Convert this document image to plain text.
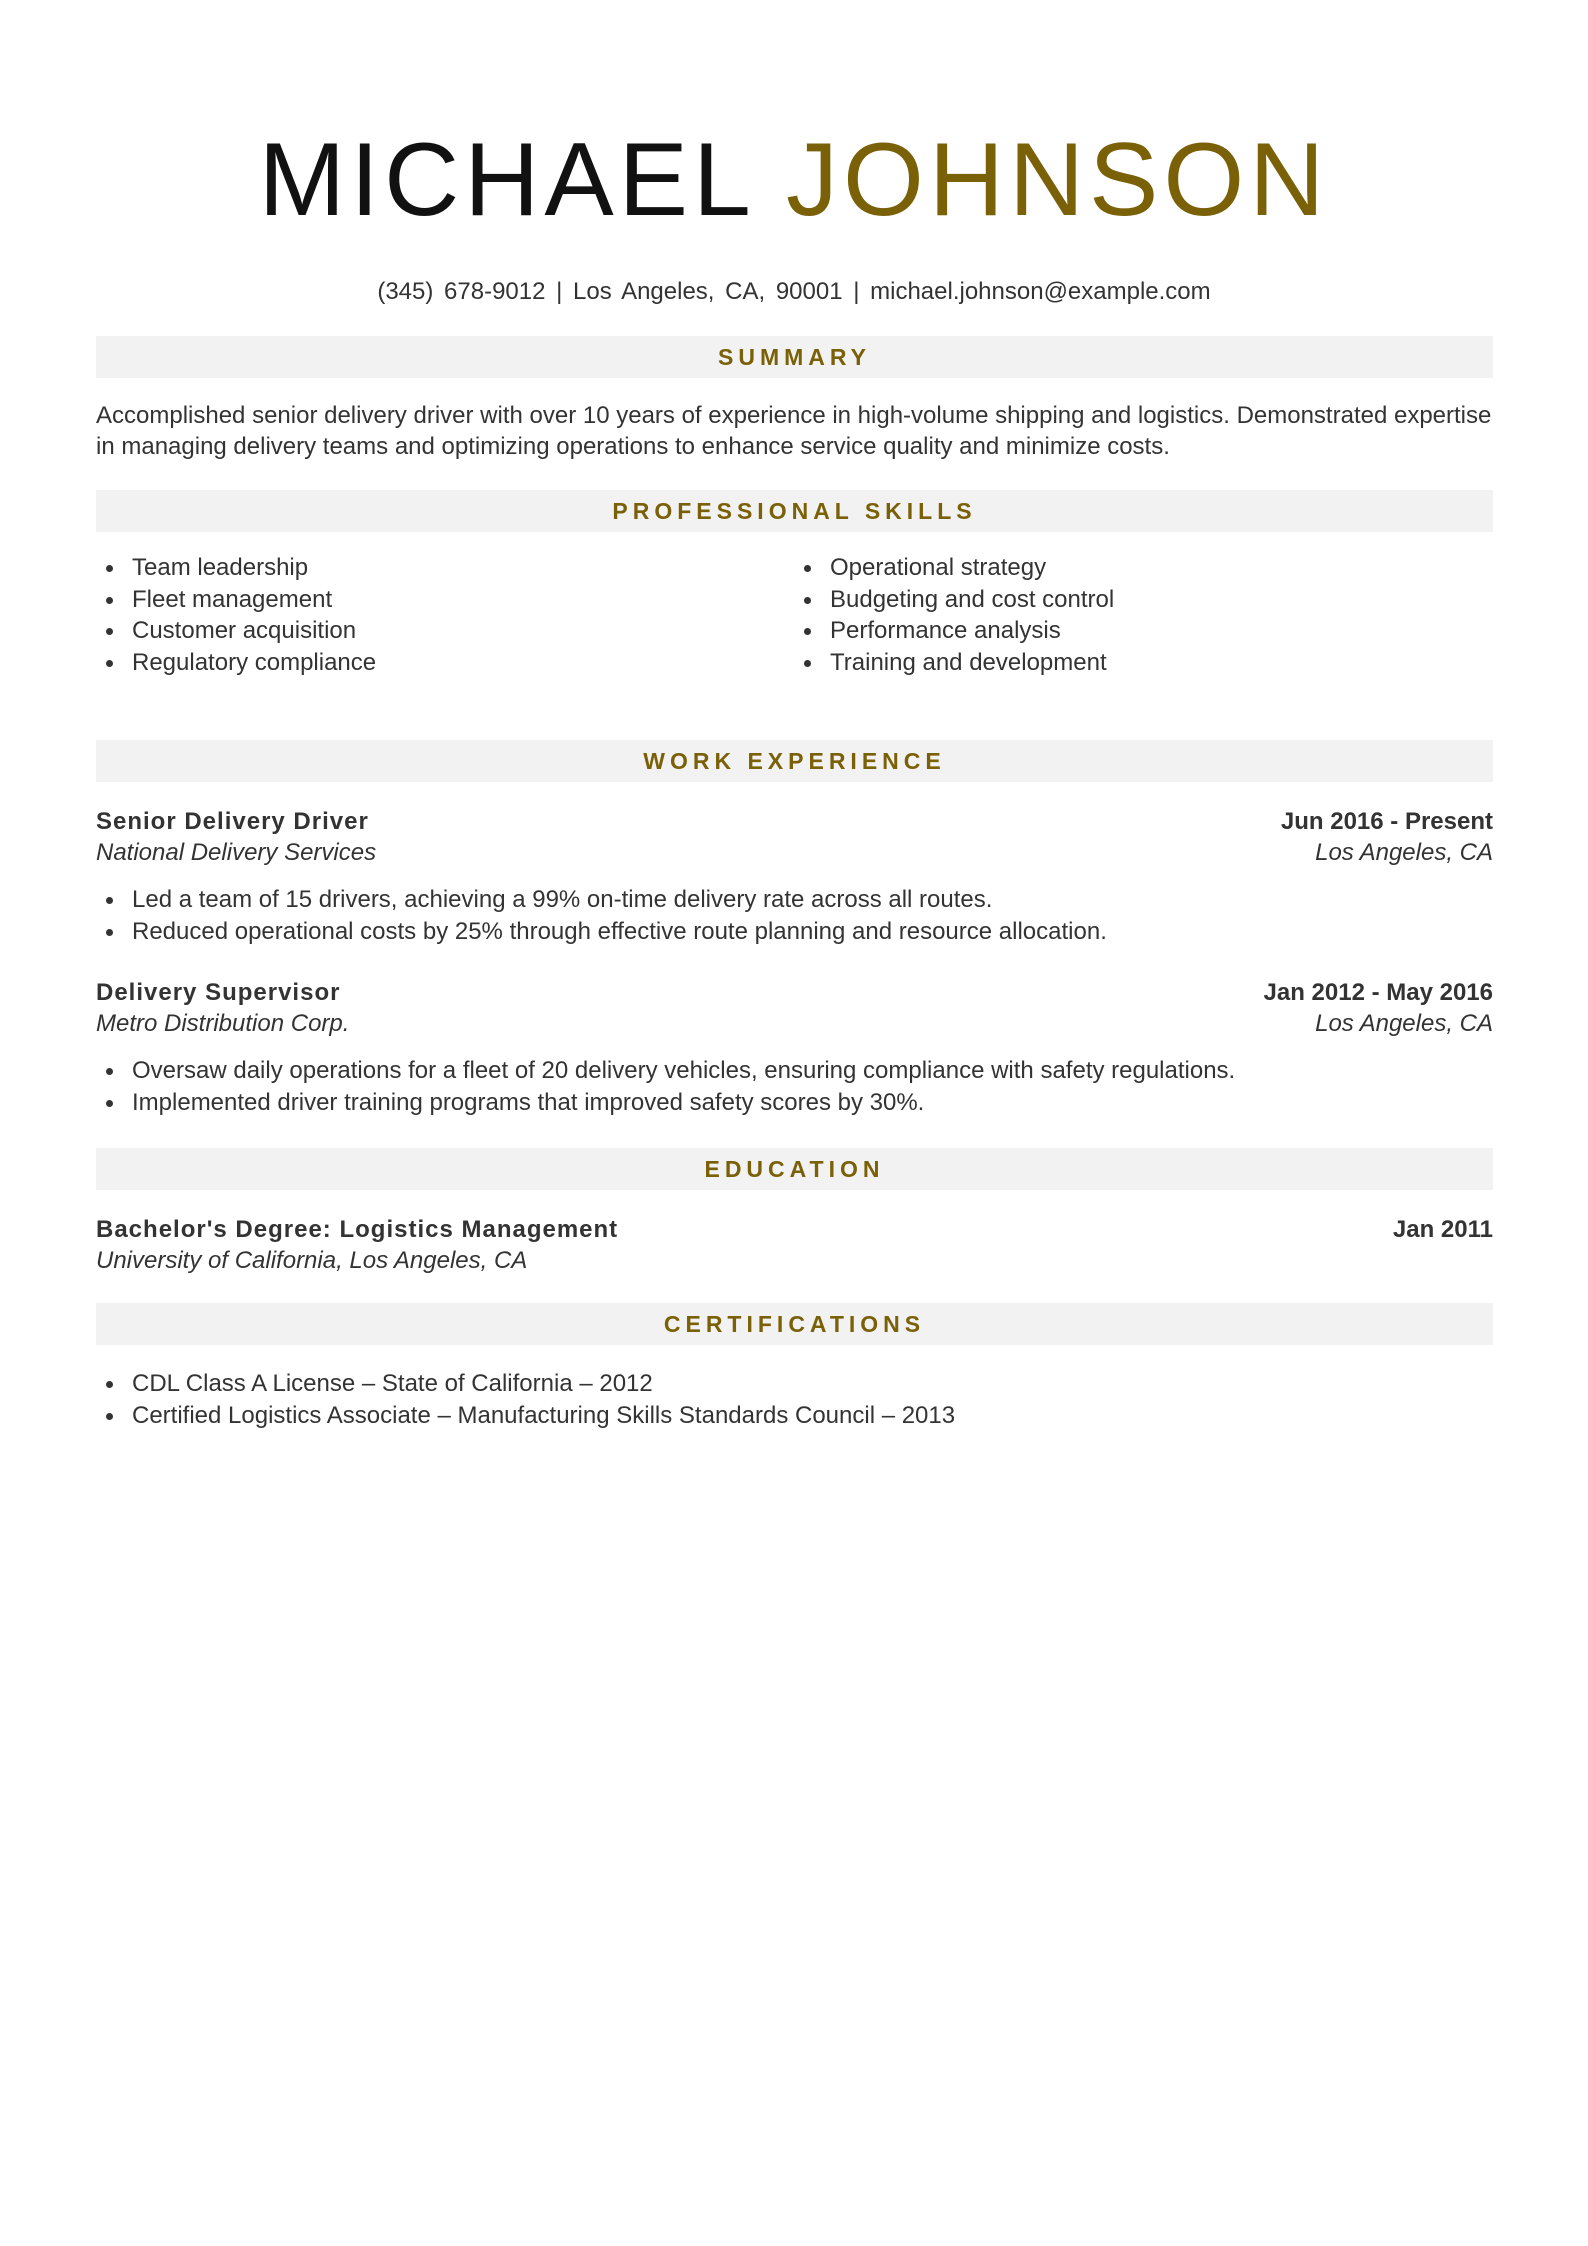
MICHAEL JOHNSON
(345) 678-9012 | Los Angeles, CA, 90001 | michael.johnson@example.com
SUMMARY
Accomplished senior delivery driver with over 10 years of experience in high-volume shipping and logistics. Demonstrated expertise in managing delivery teams and optimizing operations to enhance service quality and minimize costs.
PROFESSIONAL SKILLS
Team leadership
Fleet management
Customer acquisition
Regulatory compliance
Operational strategy
Budgeting and cost control
Performance analysis
Training and development
WORK EXPERIENCE
Senior Delivery Driver	Jun 2016 - Present
National Delivery Services	Los Angeles, CA
Led a team of 15 drivers, achieving a 99% on-time delivery rate across all routes.
Reduced operational costs by 25% through effective route planning and resource allocation.
Delivery Supervisor	Jan 2012 - May 2016
Metro Distribution Corp.	Los Angeles, CA
Oversaw daily operations for a fleet of 20 delivery vehicles, ensuring compliance with safety regulations.
Implemented driver training programs that improved safety scores by 30%.
EDUCATION
Bachelor's Degree: Logistics Management	Jan 2011
University of California, Los Angeles, CA
CERTIFICATIONS
CDL Class A License – State of California – 2012
Certified Logistics Associate – Manufacturing Skills Standards Council – 2013
